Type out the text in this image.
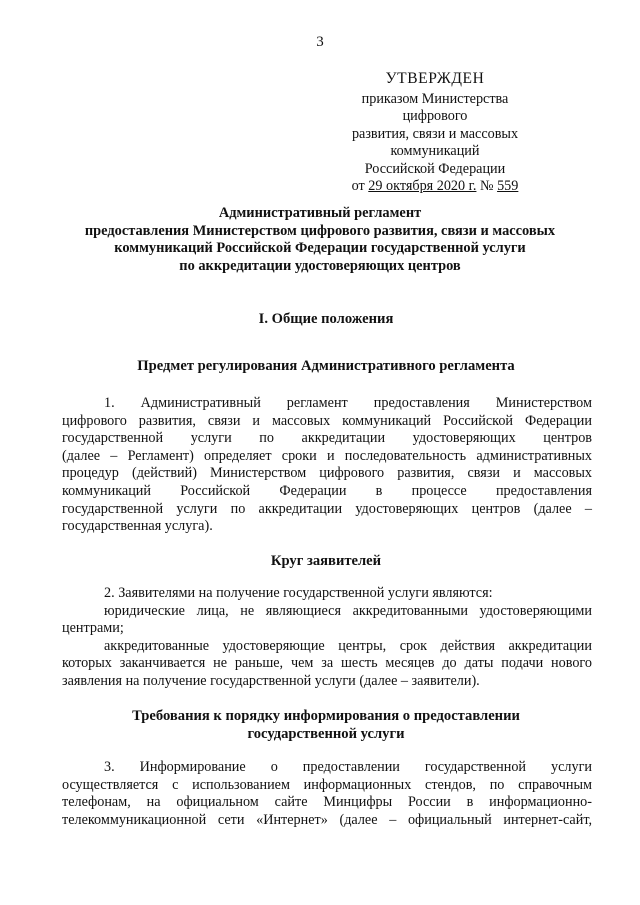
3
УТВЕРЖДЕН
приказом Министерства цифрового
развития, связи и массовых
коммуникаций
Российской Федерации
от 29 октября 2020 г. № 559
Административный регламент
предоставления Министерством цифрового развития, связи и массовых
коммуникаций Российской Федерации государственной услуги
по аккредитации удостоверяющих центров
I. Общие положения
Предмет регулирования Административного регламента
1. Административный регламент предоставления Министерством
цифрового развития, связи и массовых коммуникаций Российской Федерации
государственной услуги по аккредитации удостоверяющих центров
(далее – Регламент) определяет сроки и последовательность административных
процедур (действий) Министерством цифрового развития, связи и массовых
коммуникаций Российской Федерации в процессе предоставления
государственной услуги по аккредитации удостоверяющих центров (далее –
государственная услуга).
Круг заявителей
2. Заявителями на получение государственной услуги являются:
юридические лица, не являющиеся аккредитованными удостоверяющими
центрами;
аккредитованные удостоверяющие центры, срок действия аккредитации
которых заканчивается не раньше, чем за шесть месяцев до даты подачи нового
заявления на получение государственной услуги (далее – заявители).
Требования к порядку информирования о предоставлении
государственной услуги
3. Информирование о предоставлении государственной услуги
осуществляется с использованием информационных стендов, по справочным
телефонам, на официальном сайте Минцифры России в информационно-
телекоммуникационной сети «Интернет» (далее – официальный интернет-сайт,
